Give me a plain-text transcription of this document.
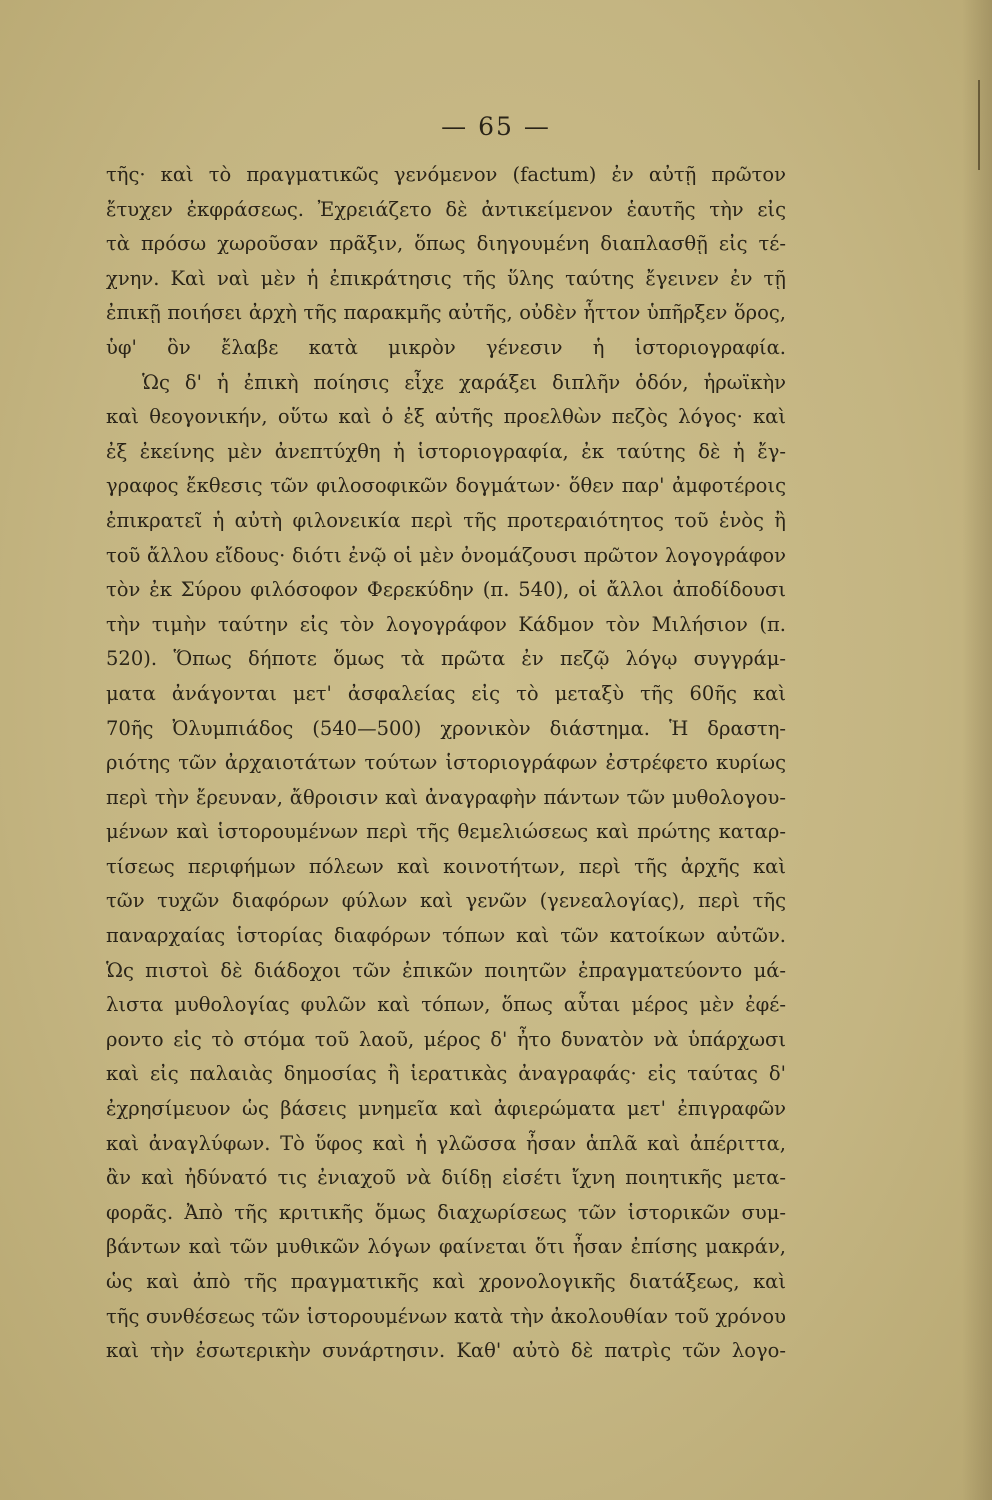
— 65 —
τῆς· καὶ τὸ πραγματικῶς γενόμενον (factum) ἐν αὐτῇ πρῶτον
ἔτυχεν ἐκφράσεως. Ἐχρειάζετο δὲ ἀντικείμενον ἑαυτῆς τὴν εἰς
τὰ πρόσω χωροῦσαν πρᾶξιν, ὅπως διηγουμένη διαπλασθῇ εἰς τέ-
χνην. Καὶ ναὶ μὲν ἡ ἐπικράτησις τῆς ὕλης ταύτης ἔγεινεν ἐν τῇ
ἐπικῇ ποιήσει ἀρχὴ τῆς παρακμῆς αὐτῆς, οὐδὲν ἧττον ὑπῆρξεν ὅρος,
ὑφ' ὃν ἔλαβε κατὰ μικρὸν γένεσιν ἡ ἱστοριογραφία.
Ὡς δ' ἡ ἐπικὴ ποίησις εἶχε χαράξει διπλῆν ὁδόν, ἡρωϊκὴν
καὶ θεογονικήν, οὕτω καὶ ὁ ἐξ αὐτῆς προελθὼν πεζὸς λόγος· καὶ
ἐξ ἐκείνης μὲν ἀνεπτύχθη ἡ ἱστοριογραφία, ἐκ ταύτης δὲ ἡ ἔγ-
γραφος ἔκθεσις τῶν φιλοσοφικῶν δογμάτων· ὅθεν παρ' ἀμφοτέροις
ἐπικρατεῖ ἡ αὐτὴ φιλονεικία περὶ τῆς προτεραιότητος τοῦ ἑνὸς ἢ
τοῦ ἄλλου εἴδους· διότι ἐνῷ οἱ μὲν ὀνομάζουσι πρῶτον λογογράφον
τὸν ἐκ Σύρου φιλόσοφον Φερεκύδην (π. 540), οἱ ἄλλοι ἀποδίδουσι
τὴν τιμὴν ταύτην εἰς τὸν λογογράφον Κάδμον τὸν Μιλήσιον (π.
520). Ὅπως δήποτε ὅμως τὰ πρῶτα ἐν πεζῷ λόγῳ συγγράμ-
ματα ἀνάγονται μετ' ἀσφαλείας εἰς τὸ μεταξὺ τῆς 60ῆς καὶ
70ῆς Ὀλυμπιάδος (540—500) χρονικὸν διάστημα. Ἡ δραστη-
ριότης τῶν ἀρχαιοτάτων τούτων ἱστοριογράφων ἐστρέφετο κυρίως
περὶ τὴν ἔρευναν, ἄθροισιν καὶ ἀναγραφὴν πάντων τῶν μυθολογου-
μένων καὶ ἱστορουμένων περὶ τῆς θεμελιώσεως καὶ πρώτης καταρ-
τίσεως περιφήμων πόλεων καὶ κοινοτήτων, περὶ τῆς ἀρχῆς καὶ
τῶν τυχῶν διαφόρων φύλων καὶ γενῶν (γενεαλογίας), περὶ τῆς
παναρχαίας ἱστορίας διαφόρων τόπων καὶ τῶν κατοίκων αὐτῶν.
Ὡς πιστοὶ δὲ διάδοχοι τῶν ἐπικῶν ποιητῶν ἐπραγματεύοντο μά-
λιστα μυθολογίας φυλῶν καὶ τόπων, ὅπως αὗται μέρος μὲν ἐφέ-
ροντο εἰς τὸ στόμα τοῦ λαοῦ, μέρος δ' ἦτο δυνατὸν νὰ ὑπάρχωσι
καὶ εἰς παλαιὰς δημοσίας ἢ ἱερατικὰς ἀναγραφάς· εἰς ταύτας δ'
ἐχρησίμευον ὡς βάσεις μνημεῖα καὶ ἀφιερώματα μετ' ἐπιγραφῶν
καὶ ἀναγλύφων. Τὸ ὕφος καὶ ἡ γλῶσσα ἦσαν ἁπλᾶ καὶ ἀπέριττα,
ἂν καὶ ἠδύνατό τις ἐνιαχοῦ νὰ διίδῃ εἰσέτι ἴχνη ποιητικῆς μετα-
φορᾶς. Ἀπὸ τῆς κριτικῆς ὅμως διαχωρίσεως τῶν ἱστορικῶν συμ-
βάντων καὶ τῶν μυθικῶν λόγων φαίνεται ὅτι ἦσαν ἐπίσης μακράν,
ὡς καὶ ἀπὸ τῆς πραγματικῆς καὶ χρονολογικῆς διατάξεως, καὶ
τῆς συνθέσεως τῶν ἱστορουμένων κατὰ τὴν ἀκολουθίαν τοῦ χρόνου
καὶ τὴν ἐσωτερικὴν συνάρτησιν. Καθ' αὐτὸ δὲ πατρὶς τῶν λογο-
